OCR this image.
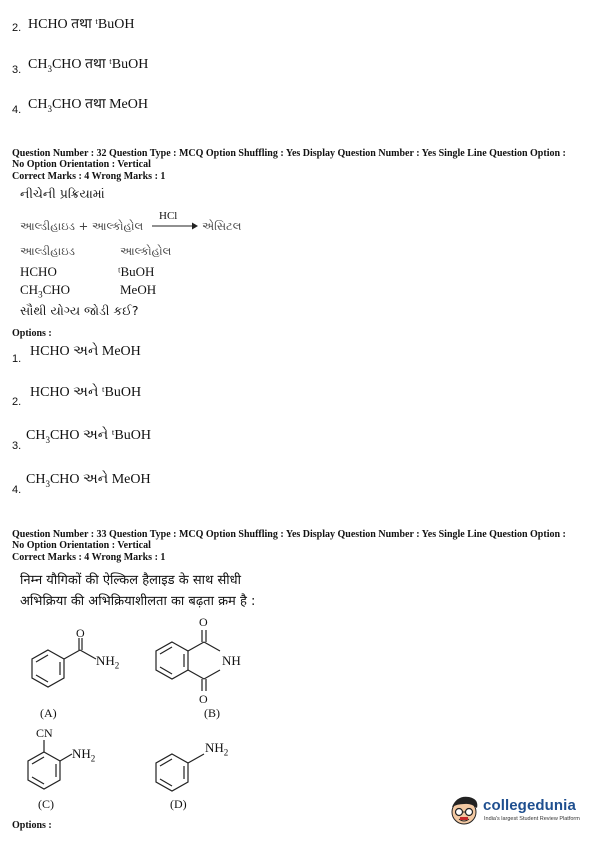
2. HCHO तथा ᵗBuOH
3. $CH_3CHO$ तथा ᵗBuOH
4. $CH_3CHO$ तथा MeOH
Question Number : 32 Question Type : MCQ Option Shuffling : Yes Display Question Number : Yes Single Line Question Option :
No Option Orientation : Vertical
Correct Marks : 4 Wrong Marks : 1
નીચેની પ્રક્રિયામાં
આલ્ડીહાઇડ + આલ્કોહોલ
HCl
→ એસિટલ
આલ્ડીહાઇડ	આલ્કોહોલ
HCHO	ᵗBuOH
$CH_3CHO$	MeOH
સૌથી યોગ્ય જોડી કઈ?
Options :
1. HCHO અને MeOH
2.
HCHO અને ᵗBuOH
3.
$CH_3CHO$ અને ᵗBuOH
4.
$CH_3CHO$ અને MeOH
Question Number : 33 Question Type : MCQ Option Shuffling : Yes Display Question Number : Yes Single Line Question Option :
No Option Orientation : Vertical
Correct Marks : 4 Wrong Marks : 1
निम्न यौगिकों की ऐल्किल हैलाइड के साथ सीधी
अभिक्रिया की अभिक्रियाशीलता का बढ़ता क्रम है :
O
$NH_2$
(A)
O
NH
O
(B)
CN
$NH_2$
(C)
$NH_2$
(D)
Options :
collegedunia
India's largest Student Review Platform
